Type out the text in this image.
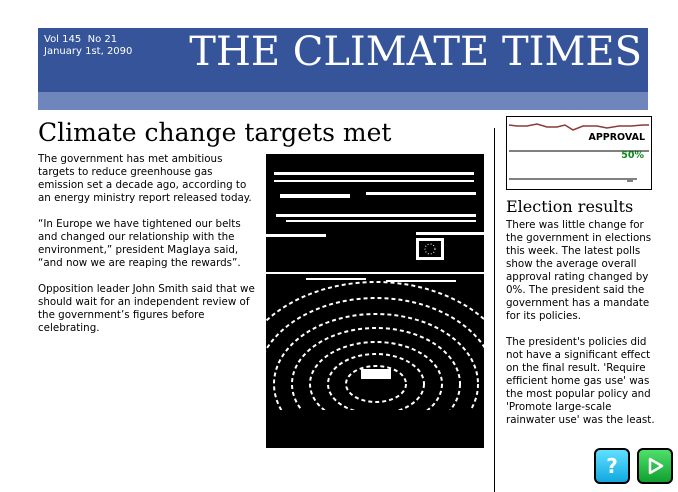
Vol 145  No 21
January 1st, 2090 THE CLIMATE TIMES
Climate change targets met

The government has met ambitious targets to reduce greenhouse gas emission set a decade ago, according to an energy ministry report released today.

“In Europe we have tightened our belts and changed our relationship with the environment,” president Maglaya said, “and now we are reaping the rewards”.

Opposition leader John Smith said that we should wait for an independent review of the government’s figures before celebrating.

APPROVAL
50%
Election results

There was little change for the government in elections this week. The latest polls show the average overall approval rating changed by 0%. The president said the government has a mandate for its policies.

The president's policies did not have a significant effect on the final result. 'Require efficient home gas use' was the most popular policy and 'Promote large-scale rainwater use' was the least.

?
